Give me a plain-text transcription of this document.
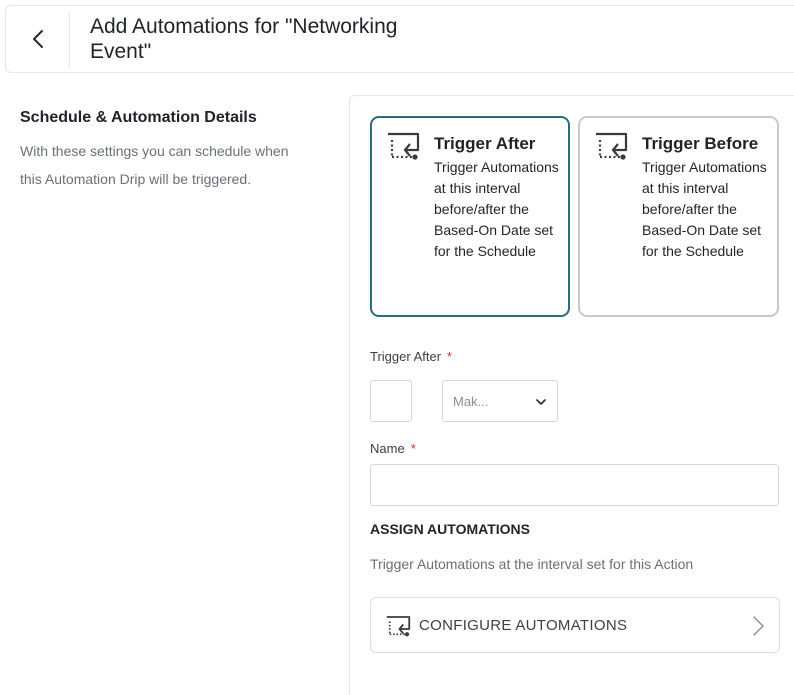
Add Automations for "Networking Event"
Schedule & Automation Details
With these settings you can schedule when this Automation Drip will be triggered.
Trigger After
Trigger Automations at this interval before/after the Based-On Date set for the Schedule
Trigger Before
Trigger Automations at this interval before/after the Based-On Date set for the Schedule
Trigger After *
Mak...
Name *
ASSIGN AUTOMATIONS
Trigger Automations at the interval set for this Action
CONFIGURE AUTOMATIONS
